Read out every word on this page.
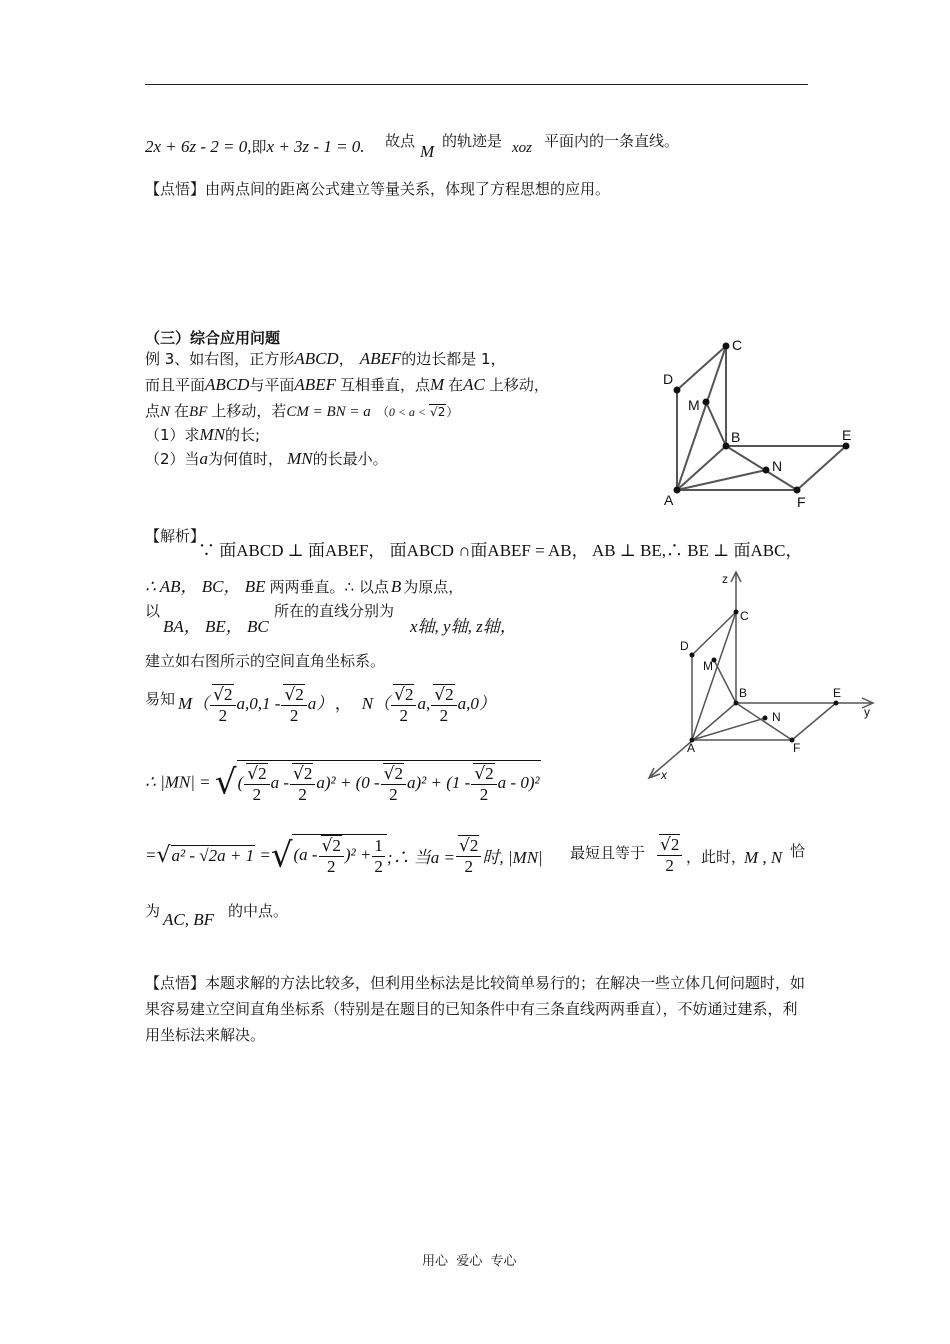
2x + 6z - 2 = 0,即x + 3z - 1 = 0. 故点
M
的轨迹是 xoz 平面内的一条直线。
【点悟】由两点间的距离公式建立等量关系，体现了方程思想的应用。
（三）综合应用问题
例 3、如右图，正方形ABCD， ABEF的边长都是 1，
而且平面ABCD与平面ABEF 互相垂直，点M 在AC 上移动，
点N 在BF 上移动，若CM = BN = a （0 < a < √2）
（1）求MN的长;
（2）当a为何值时， MN的长最小。
C
D
M
B	E
N
A	F
【解析】
∵ 面ABCD ⊥ 面ABEF， 面ABCD ∩面ABEF = AB， AB ⊥ BE,∴ BE ⊥ 面ABC，
∴ AB， BC， BE 两两垂直。∴ 以点 B 为原点，
以
BA， BE， BC
所在的直线分别为
x轴, y轴, z轴，
建立如右图所示的空间直角坐标系。
易知 $M( \frac{√2}{2} a,0,1 - \frac{√2}{2} a)$ ， $N( \frac{√2}{2} a$, $\frac{√2}{2} a,0$）
∴ |MN| = √( $\frac{√2}{2}$ $a - \frac{√2}{2} a)^2 + (0 - \frac{√2}{2} a)^2 + (1 - \frac{√2}{2}$ a - 0)²
$=√a^2 - √2a + 1 =√(a - \frac{√2}{2} )^2 + \frac{1}{2}$ ;∴ 当$a = \frac{√2}{2}$ 时, |MN| 最短且等于 $\frac{√2}{2}$ ，此时，
M , N 恰
为 AC, BF 的中点。
z
C
D
M
B	E
y
N
A	F
x
【点悟】本题求解的方法比较多，但利用坐标法是比较简单易行的；在解决一些立体几何问题时，如果容易建立空间直角坐标系（特别是在题目的已知条件中有三条直线两两垂直），不妨通过建系，利用坐标法来解决。
用心  爱心  专心
